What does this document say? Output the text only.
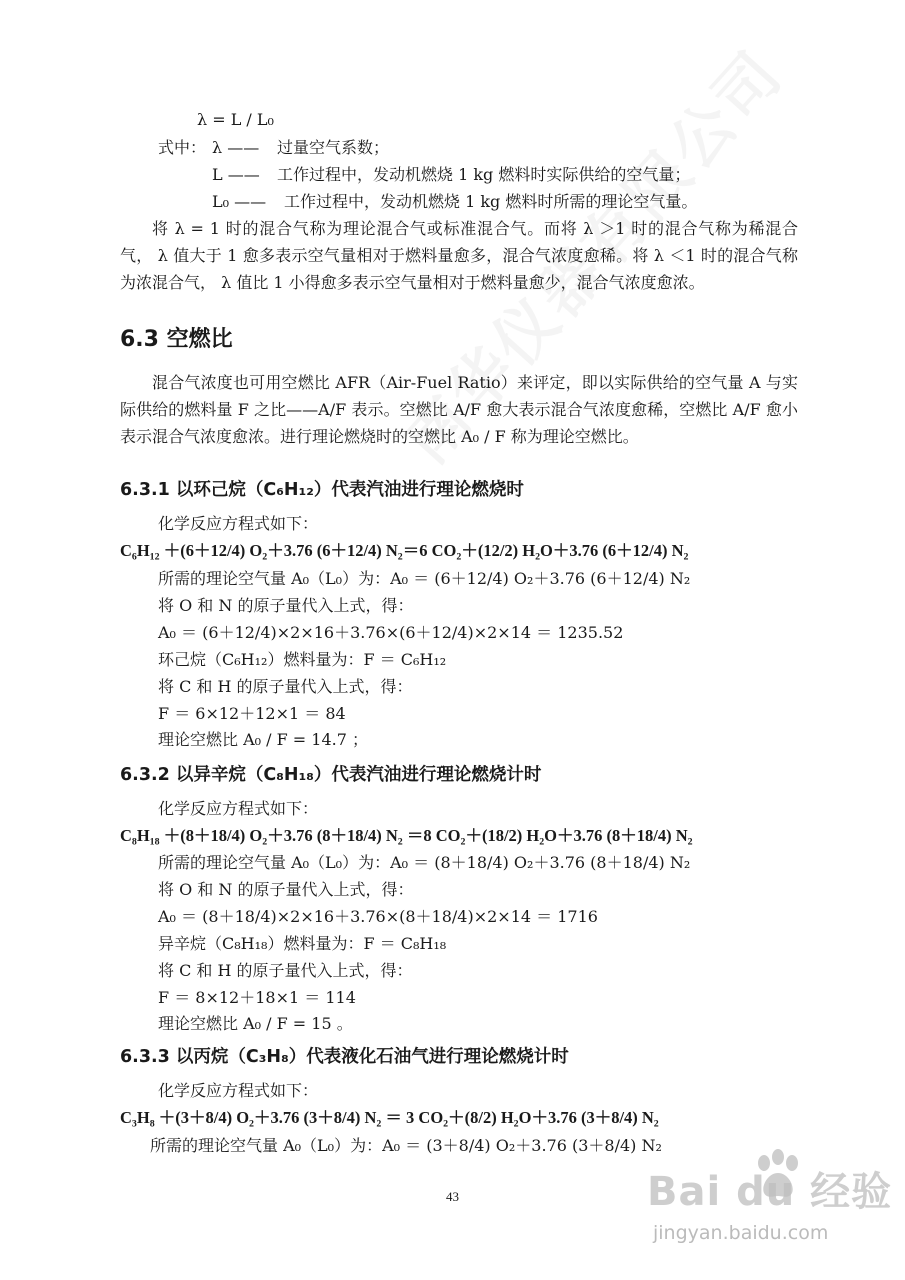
λ = L / L₀
式中： λ —— 过量空气系数；
L —— 工作过程中，发动机燃烧 1 kg 燃料时实际供给的空气量；
L₀ —— 工作过程中，发动机燃烧 1 kg 燃料时所需的理论空气量。
将 λ = 1 时的混合气称为理论混合气或标准混合气。而将 λ ＞1 时的混合气称为稀混合气， λ 值大于 1 愈多表示空气量相对于燃料量愈多，混合气浓度愈稀。将 λ ＜1 时的混合气称为浓混合气， λ 值比 1 小得愈多表示空气量相对于燃料量愈少，混合气浓度愈浓。
6.3 空燃比
混合气浓度也可用空燃比 AFR（Air-Fuel Ratio）来评定，即以实际供给的空气量 A 与实际供给的燃料量 F 之比——A/F 表示。空燃比 A/F 愈大表示混合气浓度愈稀，空燃比 A/F 愈小表示混合气浓度愈浓。进行理论燃烧时的空燃比 A₀ / F 称为理论空燃比。
6.3.1 以环己烷（C₆H₁₂）代表汽油进行理论燃烧时
化学反应方程式如下：
C₆H₁₂ ＋(6＋12/4) O₂＋3.76 (6＋12/4) N₂＝6 CO₂＋(12/2) H₂O＋3.76 (6＋12/4) N₂
所需的理论空气量 A₀（L₀）为：A₀ ＝ (6＋12/4) O₂＋3.76 (6＋12/4) N₂
将 O 和 N 的原子量代入上式，得：
A₀ ＝ (6＋12/4)×2×16＋3.76×(6＋12/4)×2×14 ＝ 1235.52
环己烷（C₆H₁₂）燃料量为：F ＝ C₆H₁₂
将 C 和 H 的原子量代入上式，得：
F ＝ 6×12＋12×1 ＝ 84
理论空燃比 A₀ / F = 14.7 ；
6.3.2 以异辛烷（C₈H₁₈）代表汽油进行理论燃烧计时
化学反应方程式如下：
C₈H₁₈ ＋(8＋18/4) O₂＋3.76 (8＋18/4) N₂ ＝8 CO₂＋(18/2) H₂O＋3.76 (8＋18/4) N₂
所需的理论空气量 A₀（L₀）为：A₀ ＝ (8＋18/4) O₂＋3.76 (8＋18/4) N₂
将 O 和 N 的原子量代入上式，得：
A₀ ＝ (8＋18/4)×2×16＋3.76×(8＋18/4)×2×14 ＝ 1716
异辛烷（C₈H₁₈）燃料量为：F ＝ C₈H₁₈
将 C 和 H 的原子量代入上式，得：
F ＝ 8×12＋18×1 ＝ 114
理论空燃比 A₀ / F = 15 。
6.3.3 以丙烷（C₃H₈）代表液化石油气进行理论燃烧计时
化学反应方程式如下：
C₃H₈ ＋(3＋8/4) O₂＋3.76 (3＋8/4) N₂ ＝ 3 CO₂＋(8/2) H₂O＋3.76 (3＋8/4) N₂
所需的理论空气量 A₀（L₀）为：A₀ ＝ (3＋8/4) O₂＋3.76 (3＋8/4) N₂
43	Bai du 经验
jingyan.baidu.com
